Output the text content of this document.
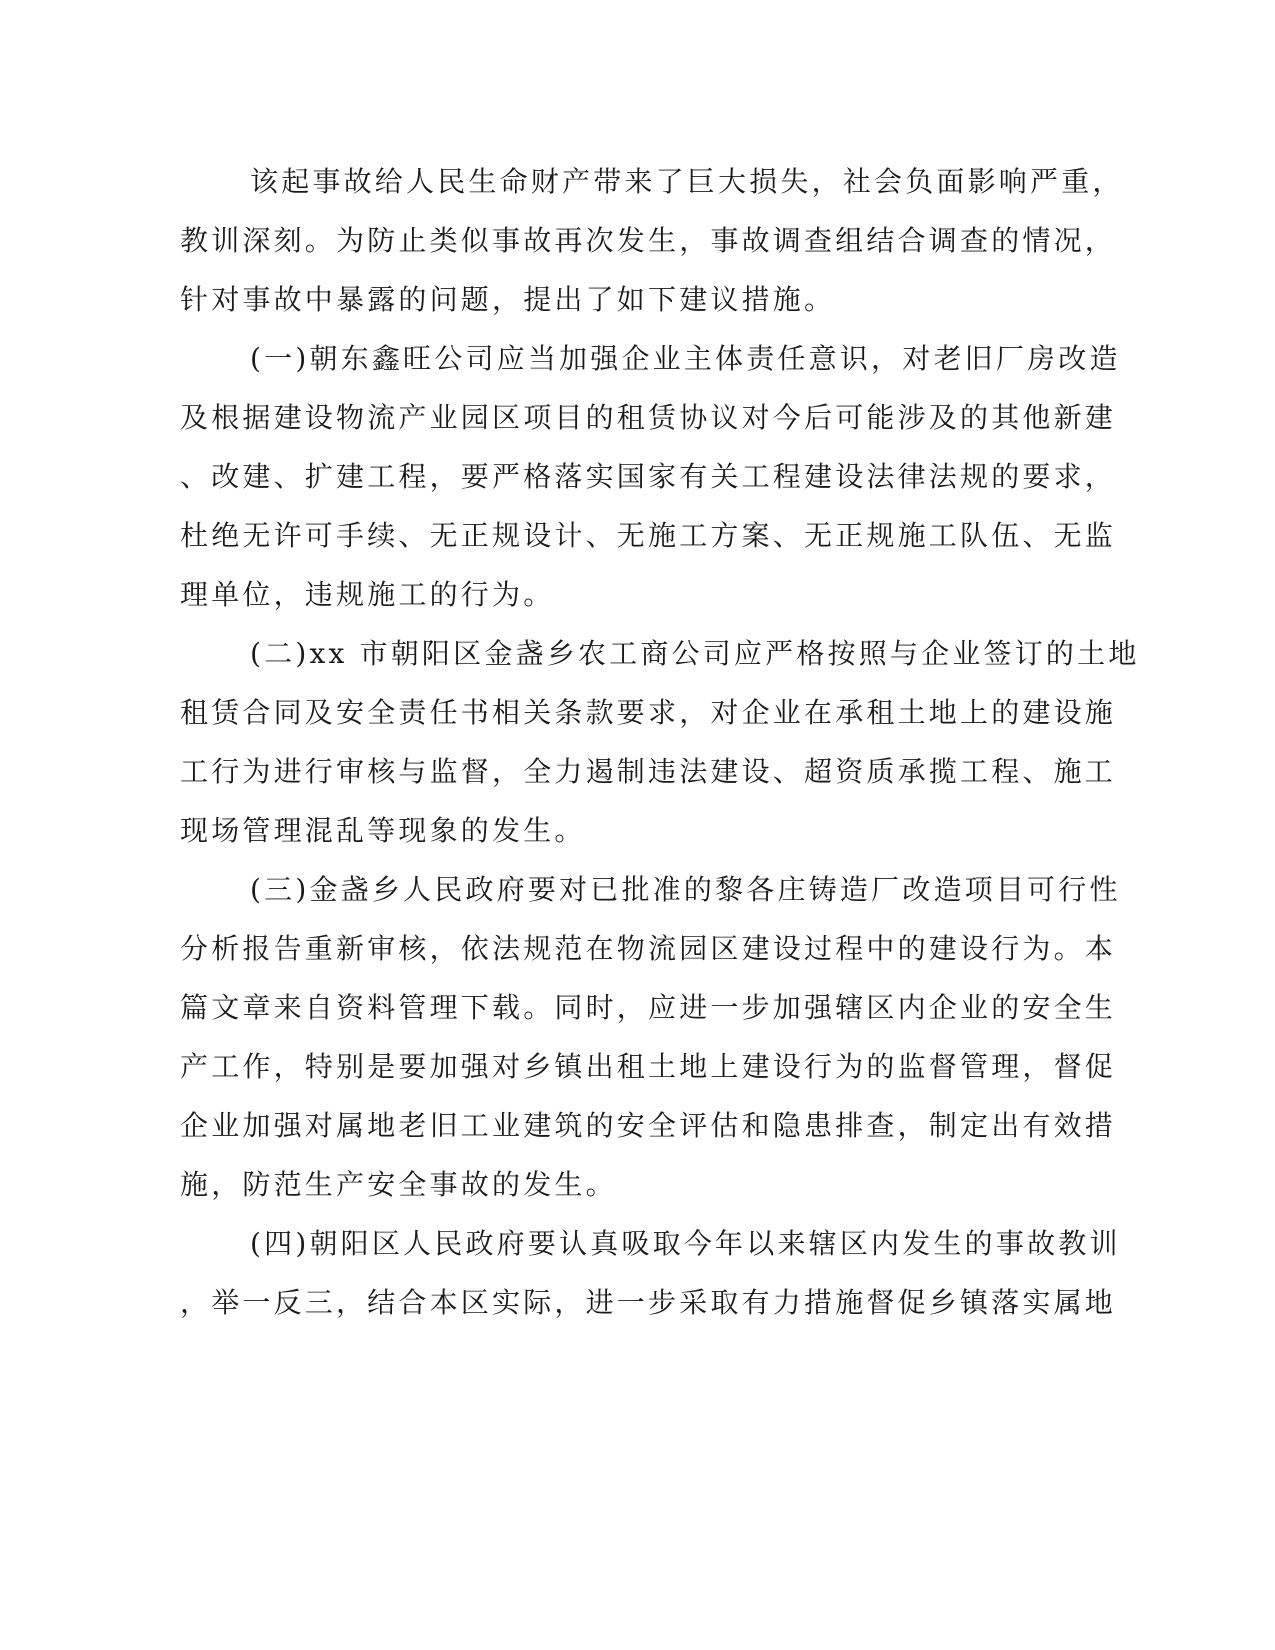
该起事故给人民生命财产带来了巨大损失，社会负面影响严重，
教训深刻。为防止类似事故再次发生，事故调查组结合调查的情况，
针对事故中暴露的问题，提出了如下建议措施。

(一)朝东鑫旺公司应当加强企业主体责任意识，对老旧厂房改造
及根据建设物流产业园区项目的租赁协议对今后可能涉及的其他新建
、改建、扩建工程，要严格落实国家有关工程建设法律法规的要求，
杜绝无许可手续、无正规设计、无施工方案、无正规施工队伍、无监
理单位，违规施工的行为。

(二)xx 市朝阳区金盏乡农工商公司应严格按照与企业签订的土地
租赁合同及安全责任书相关条款要求，对企业在承租土地上的建设施
工行为进行审核与监督，全力遏制违法建设、超资质承揽工程、施工
现场管理混乱等现象的发生。

(三)金盏乡人民政府要对已批准的黎各庄铸造厂改造项目可行性
分析报告重新审核，依法规范在物流园区建设过程中的建设行为。本
篇文章来自资料管理下载。同时，应进一步加强辖区内企业的安全生
产工作，特别是要加强对乡镇出租土地上建设行为的监督管理，督促
企业加强对属地老旧工业建筑的安全评估和隐患排查，制定出有效措
施，防范生产安全事故的发生。

(四)朝阳区人民政府要认真吸取今年以来辖区内发生的事故教训
，举一反三，结合本区实际，进一步采取有力措施督促乡镇落实属地
